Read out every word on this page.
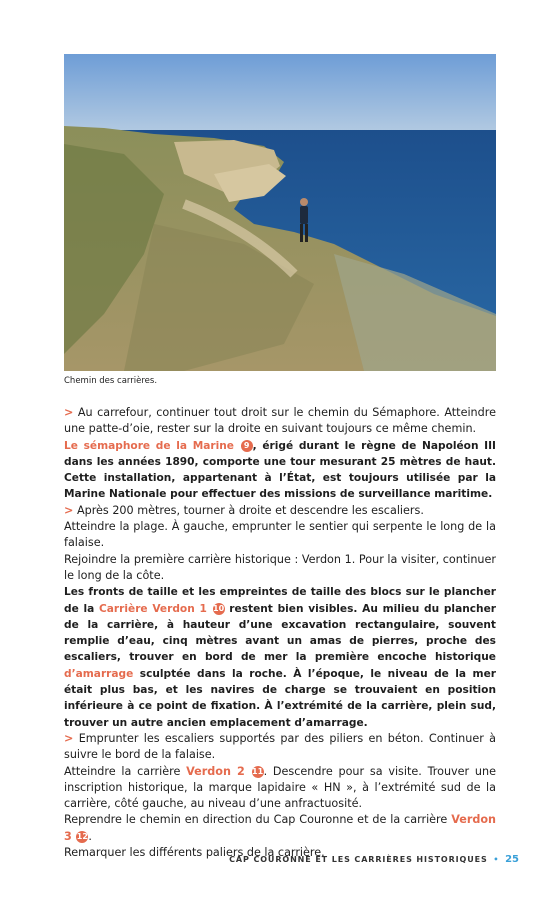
Chemin des carrières.

> Au carrefour, continuer tout droit sur le chemin du Sémaphore. Atteindre une patte-d’oie, rester sur la droite en suivant toujours ce même chemin.

Le sémaphore de la Marine 9 , érigé durant le règne de Napoléon III dans les années 1890, comporte une tour mesurant 25 mètres de haut. Cette installation, appartenant à l’État, est toujours utilisée par la Marine Nationale pour effectuer des missions de surveillance maritime.

> Après 200 mètres, tourner à droite et descendre les escaliers.

Atteindre la plage. À gauche, emprunter le sentier qui serpente le long de la falaise.

Rejoindre la première carrière historique : Verdon 1. Pour la visiter, continuer le long de la côte.

Les fronts de taille et les empreintes de taille des blocs sur le plancher de la Carrière Verdon 1 10 restent bien visibles. Au milieu du plancher de la carrière, à hauteur d’une excavation rectangulaire, souvent remplie d’eau, cinq mètres avant un amas de pierres, proche des escaliers, trouver en bord de mer la première encoche historique d’amarrage sculptée dans la roche. À l’époque, le niveau de la mer était plus bas, et les navires de charge se trouvaient en position inférieure à ce point de fixation. À l’extrémité de la carrière, plein sud, trouver un autre ancien emplacement d’amarrage.

> Emprunter les escaliers supportés par des piliers en béton. Continuer à suivre le bord de la falaise.

Atteindre la carrière Verdon 2 11. Descendre pour sa visite. Trouver une inscription historique, la marque lapidaire « HN », à l’extrémité sud de la carrière, côté gauche, au niveau d’une anfractuosité.

Reprendre le chemin en direction du Cap Couronne et de la carrière Verdon 3 12.

Remarquer les différents paliers de la carrière.

CAP COURONNE ET LES CARRIÈRES HISTORIQUES • 25
